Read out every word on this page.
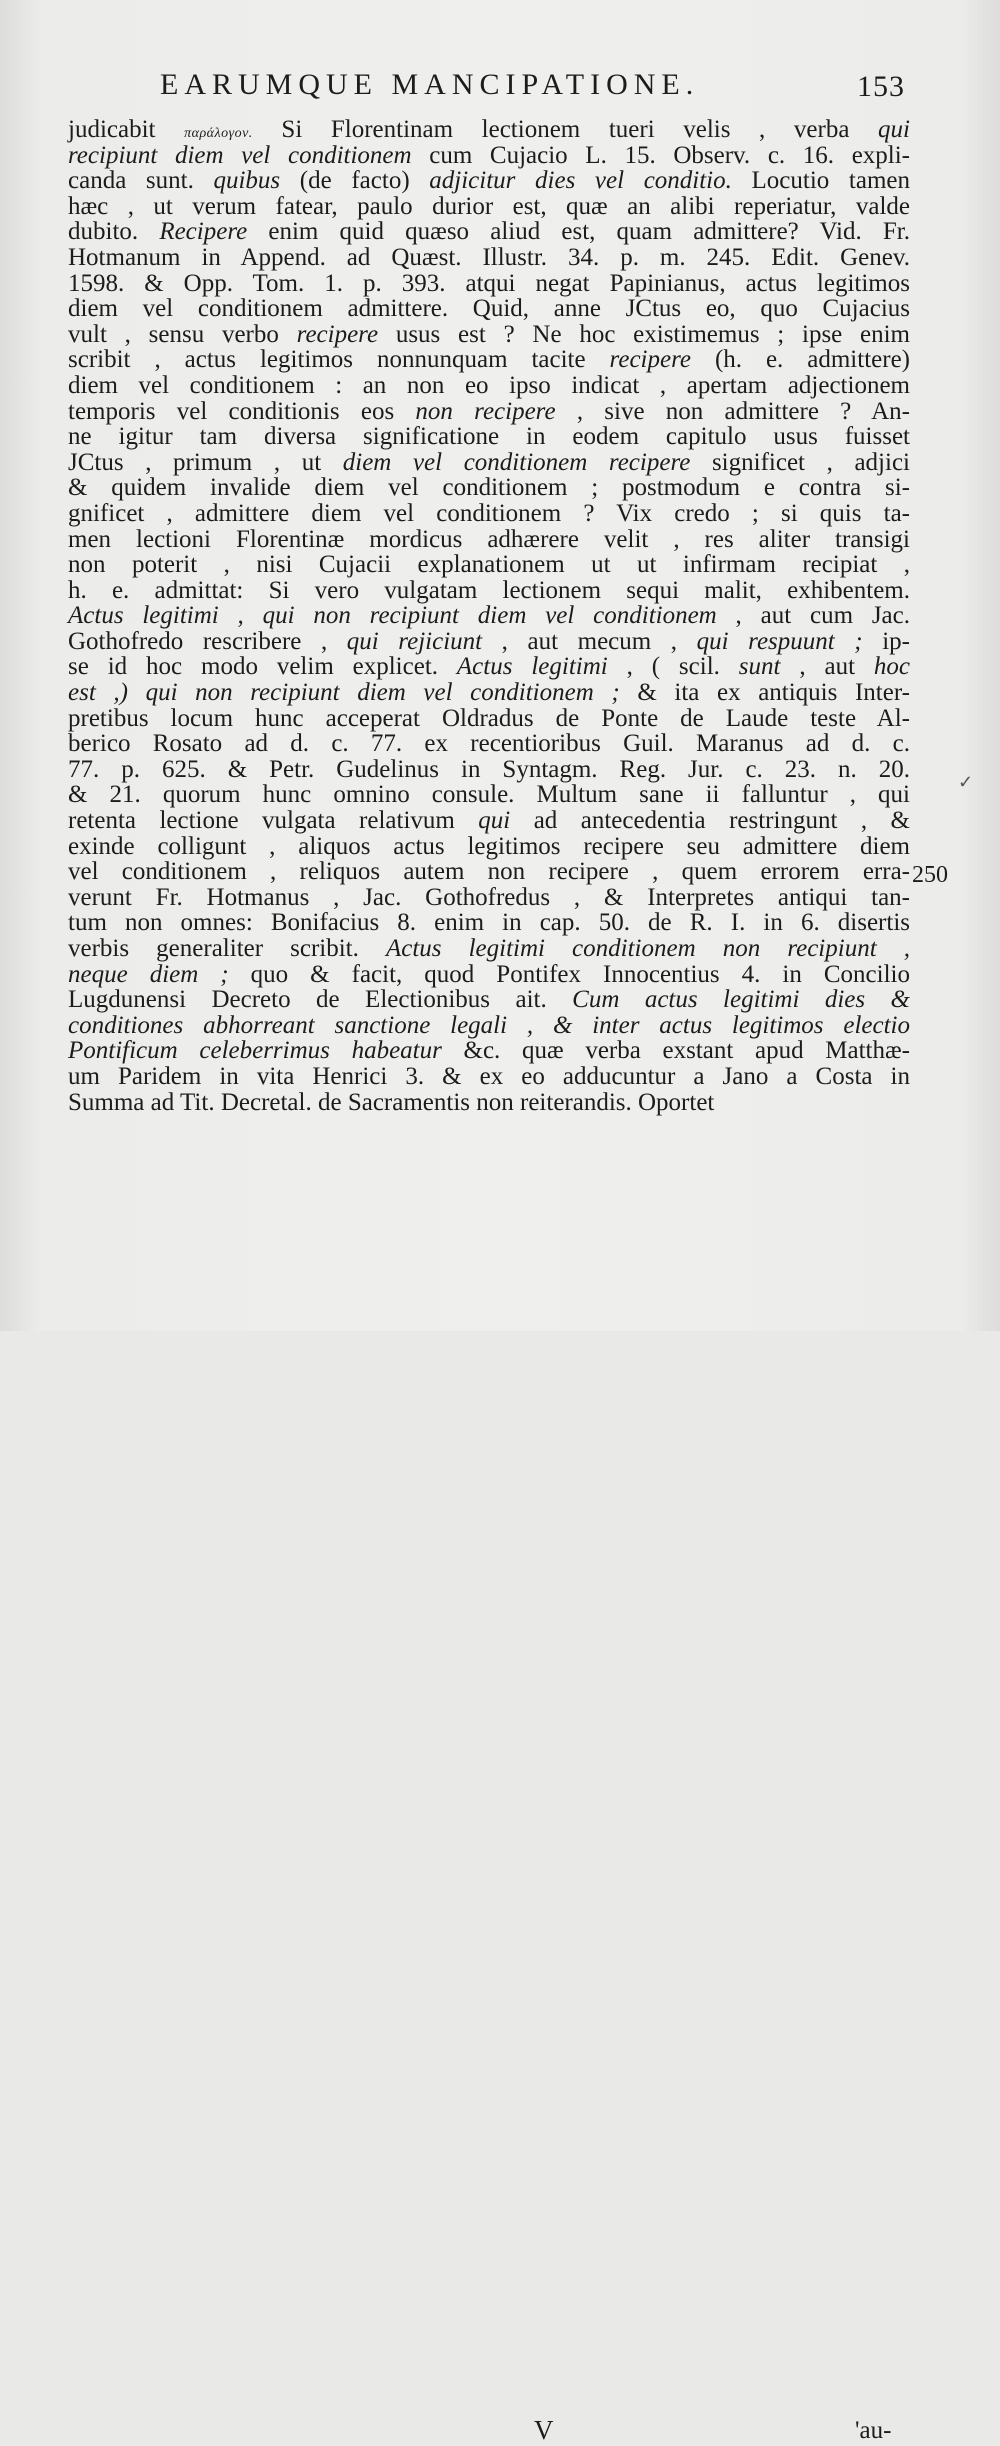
EARUMQUE MANCIPATIONE.	153
judicabit παράλογον. Si Florentinam lectionem tueri velis , verba qui
recipiunt diem vel conditionem cum Cujacio L. 15. Observ. c. 16. expli-
canda sunt. quibus (de facto) adjicitur dies vel conditio. Locutio tamen
hæc , ut verum fatear, paulo durior est, quæ an alibi reperiatur, valde
dubito. Recipere enim quid quæso aliud est, quam admittere? Vid. Fr.
Hotmanum in Append. ad Quæst. Illustr. 34. p. m. 245. Edit. Genev.
1598. & Opp. Tom. 1. p. 393. atqui negat Papinianus, actus legitimos
diem vel conditionem admittere. Quid, anne JCtus eo, quo Cujacius
vult , sensu verbo recipere usus est ? Ne hoc existimemus ; ipse enim
scribit , actus legitimos nonnunquam tacite recipere (h. e. admittere)
diem vel conditionem : an non eo ipso indicat , apertam adjectionem
temporis vel conditionis eos non recipere , sive non admittere ? An-
ne igitur tam diversa significatione in eodem capitulo usus fuisset
JCtus , primum , ut diem vel conditionem recipere significet , adjici
& quidem invalide diem vel conditionem ; postmodum e contra si-
gnificet , admittere diem vel conditionem ? Vix credo ; si quis ta-
men lectioni Florentinæ mordicus adhærere velit , res aliter transigi
non poterit , nisi Cujacii explanationem ut ut infirmam recipiat ,
h. e. admittat: Si vero vulgatam lectionem sequi malit, exhibentem.
Actus legitimi , qui non recipiunt diem vel conditionem , aut cum Jac.
Gothofredo rescribere , qui rejiciunt , aut mecum , qui respuunt ; ip-
se id hoc modo velim explicet. Actus legitimi , ( scil. sunt , aut hoc
est ,) qui non recipiunt diem vel conditionem ; & ita ex antiquis Inter-
pretibus locum hunc acceperat Oldradus de Ponte de Laude teste Al-
berico Rosato ad d. c. 77. ex recentioribus Guil. Maranus ad d. c.
77. p. 625. & Petr. Gudelinus in Syntagm. Reg. Jur. c. 23. n. 20.
& 21. quorum hunc omnino consule. Multum sane ii falluntur , qui
retenta lectione vulgata relativum qui ad antecedentia restringunt , &
exinde colligunt , aliquos actus legitimos recipere seu admittere diem
vel conditionem , reliquos autem non recipere , quem errorem erra-
verunt Fr. Hotmanus , Jac. Gothofredus , & Interpretes antiqui tan-
tum non omnes: Bonifacius 8. enim in cap. 50. de R. I. in 6. disertis
verbis generaliter scribit. Actus legitimi conditionem non recipiunt ,
neque diem ; quo & facit, quod Pontifex Innocentius 4. in Concilio
Lugdunensi Decreto de Electionibus ait. Cum actus legitimi dies &
conditiones abhorreant sanctione legali , & inter actus legitimos electio
Pontificum celeberrimus habeatur &c. quæ verba exstant apud Matthæ-
um Paridem in vita Henrici 3. & ex eo adducuntur a Jano a Costa in
Summa ad Tit. Decretal. de Sacramentis non reiterandis. Oportet
250
✓
V	'au-
